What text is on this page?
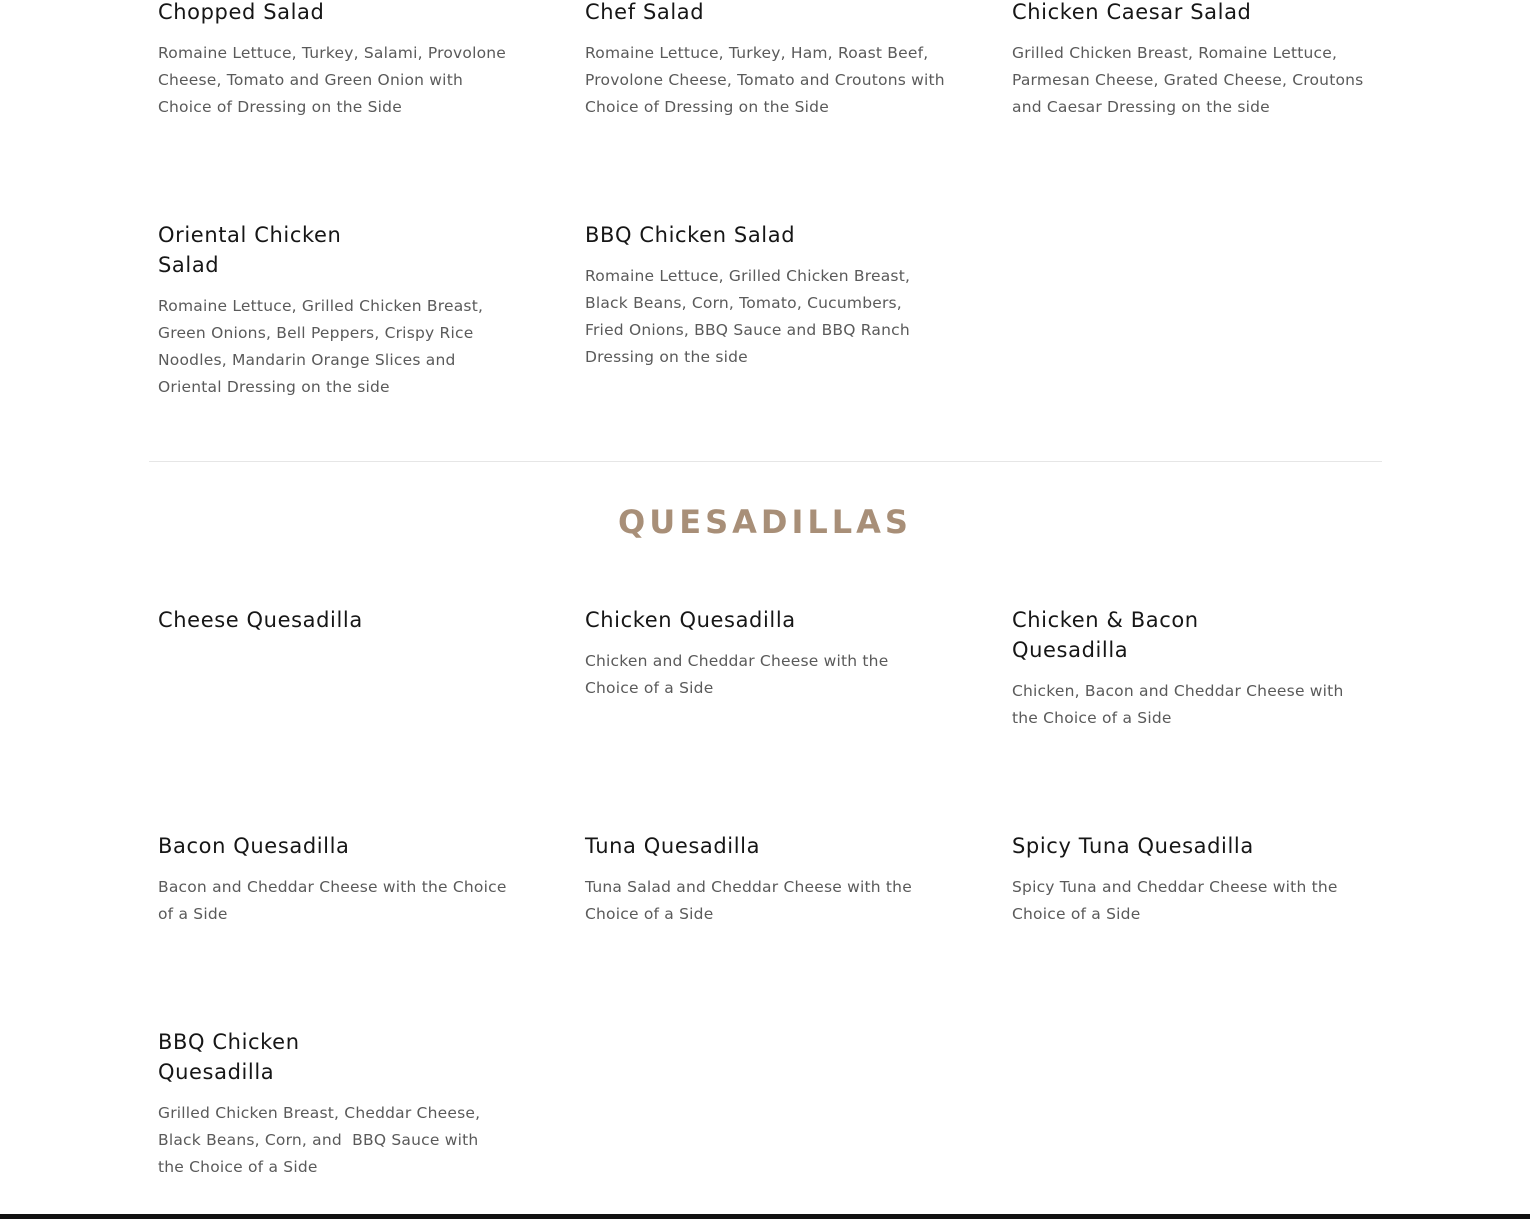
Chopped Salad

Romaine Lettuce, Turkey, Salami, Provolone Cheese, Tomato and Green Onion with Choice of Dressing on the Side

Chef Salad

Romaine Lettuce, Turkey, Ham, Roast Beef, Provolone Cheese, Tomato and Croutons with Choice of Dressing on the Side

Chicken Caesar Salad

Grilled Chicken Breast, Romaine Lettuce, Parmesan Cheese, Grated Cheese, Croutons and Caesar Dressing on the side

Oriental Chicken Salad

Romaine Lettuce, Grilled Chicken Breast, Green Onions, Bell Peppers, Crispy Rice Noodles, Mandarin Orange Slices and Oriental Dressing on the side

BBQ Chicken Salad

Romaine Lettuce, Grilled Chicken Breast, Black Beans, Corn, Tomato, Cucumbers, Fried Onions, BBQ Sauce and BBQ Ranch Dressing on the side

QUESADILLAS
Cheese Quesadilla	Chicken Quesadilla

Chicken and Cheddar Cheese with the Choice of a Side

Chicken & Bacon Quesadilla

Chicken, Bacon and Cheddar Cheese with the Choice of a Side

Bacon Quesadilla

Bacon and Cheddar Cheese with the Choice of a Side

Tuna Quesadilla

Tuna Salad and Cheddar Cheese with the Choice of a Side

Spicy Tuna Quesadilla

Spicy Tuna and Cheddar Cheese with the Choice of a Side

BBQ Chicken Quesadilla

Grilled Chicken Breast, Cheddar Cheese, Black Beans, Corn, and  BBQ Sauce with the Choice of a Side
